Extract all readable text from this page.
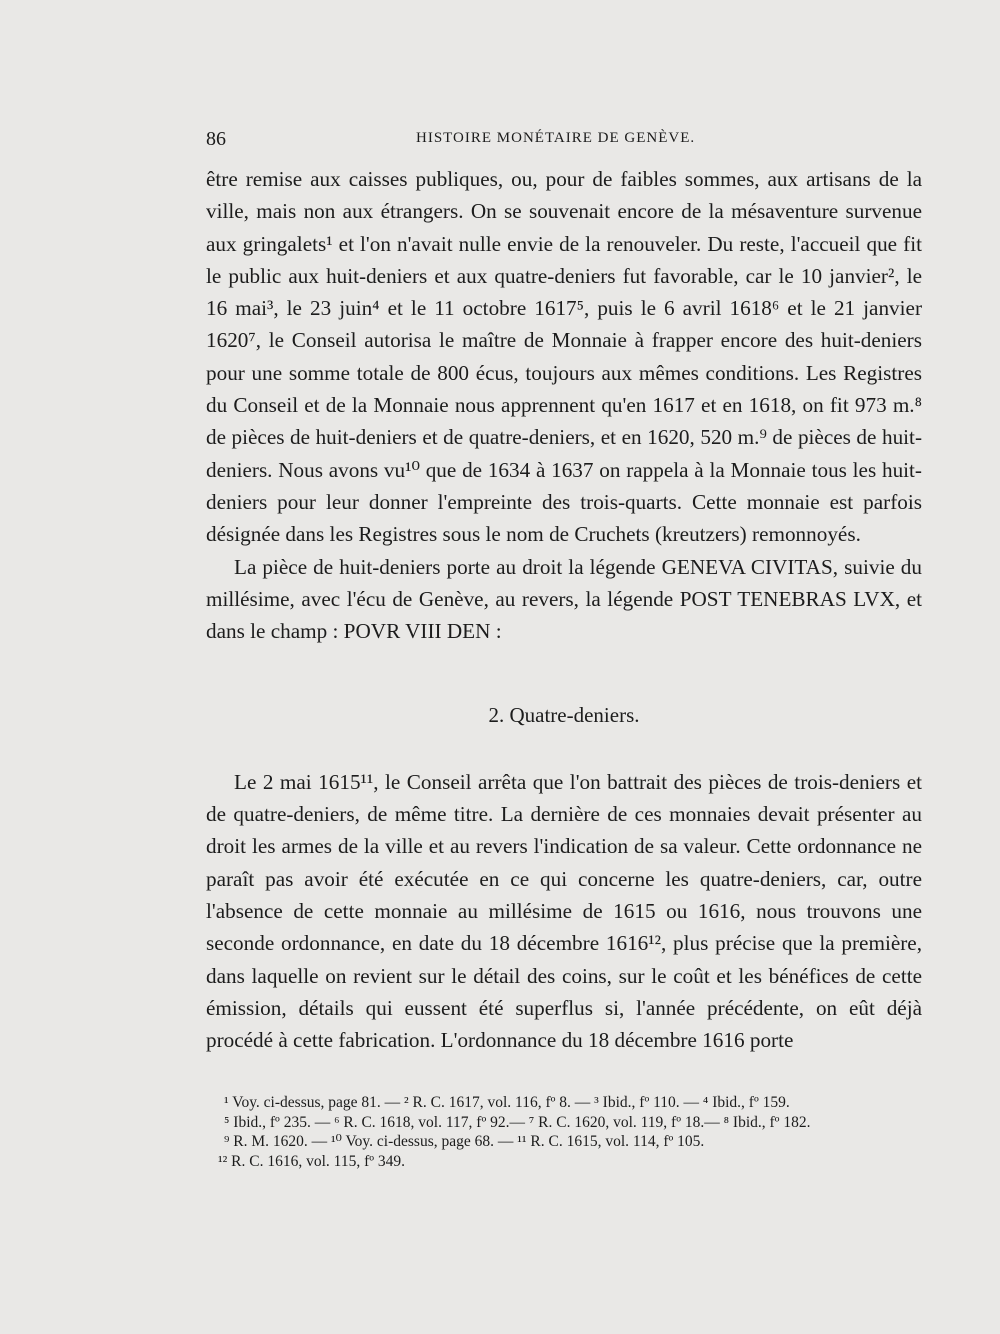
86	HISTOIRE MONÉTAIRE DE GENÈVE.

être remise aux caisses publiques, ou, pour de faibles sommes, aux artisans de la ville, mais non aux étrangers. On se souvenait encore de la mésaventure survenue aux gringalets¹ et l'on n'avait nulle envie de la renouveler. Du reste, l'accueil que fit le public aux huit-deniers et aux quatre-deniers fut favorable, car le 10 janvier², le 16 mai³, le 23 juin⁴ et le 11 octobre 1617⁵, puis le 6 avril 1618⁶ et le 21 janvier 1620⁷, le Conseil autorisa le maître de Monnaie à frapper encore des huit-deniers pour une somme totale de 800 écus, toujours aux mêmes conditions. Les Registres du Conseil et de la Monnaie nous apprennent qu'en 1617 et en 1618, on fit 973 m.⁸ de pièces de huit-deniers et de quatre-deniers, et en 1620, 520 m.⁹ de pièces de huit-deniers. Nous avons vu¹⁰ que de 1634 à 1637 on rappela à la Monnaie tous les huit-deniers pour leur donner l'empreinte des trois-quarts. Cette monnaie est parfois désignée dans les Registres sous le nom de Cruchets (kreutzers) remonnoyés.

La pièce de huit-deniers porte au droit la légende GENEVA CIVITAS, suivie du millésime, avec l'écu de Genève, au revers, la légende POST TENEBRAS LVX, et dans le champ : POVR VIII DEN :

2. Quatre-deniers.

Le 2 mai 1615¹¹, le Conseil arrêta que l'on battrait des pièces de trois-deniers et de quatre-deniers, de même titre. La dernière de ces monnaies devait présenter au droit les armes de la ville et au revers l'indication de sa valeur. Cette ordonnance ne paraît pas avoir été exécutée en ce qui concerne les quatre-deniers, car, outre l'absence de cette monnaie au millésime de 1615 ou 1616, nous trouvons une seconde ordonnance, en date du 18 décembre 1616¹², plus précise que la première, dans laquelle on revient sur le détail des coins, sur le coût et les bénéfices de cette émission, détails qui eussent été superflus si, l'année précédente, on eût déjà procédé à cette fabrication. L'ordonnance du 18 décembre 1616 porte

¹ Voy. ci-dessus, page 81. — ² R. C. 1617, vol. 116, fº 8. — ³ Ibid., fº 110. — ⁴ Ibid., fº 159.

⁵ Ibid., fº 235. — ⁶ R. C. 1618, vol. 117, fº 92.— ⁷ R. C. 1620, vol. 119, fº 18.— ⁸ Ibid., fº 182.

⁹ R. M. 1620. — ¹⁰ Voy. ci-dessus, page 68. — ¹¹ R. C. 1615, vol. 114, fº 105.

¹² R. C. 1616, vol. 115, fº 349.
